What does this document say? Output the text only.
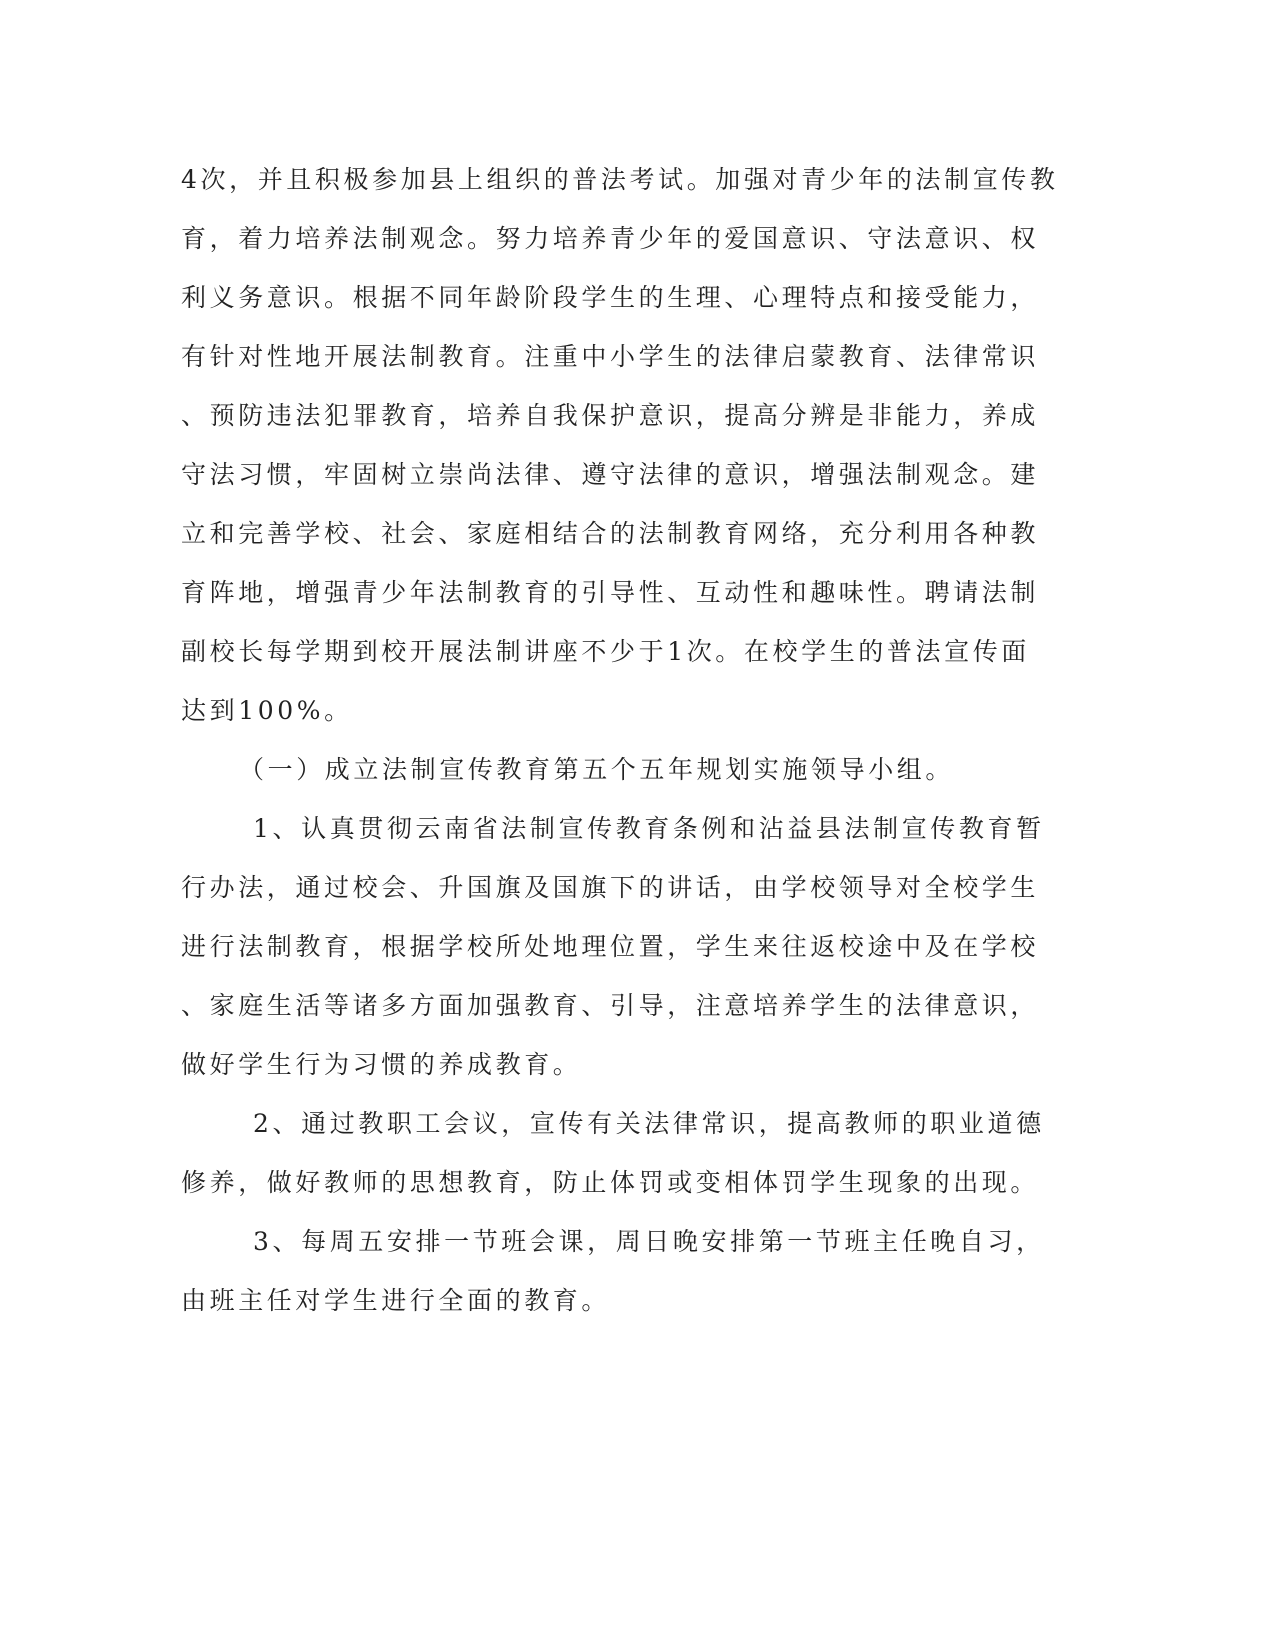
4次，并且积极参加县上组织的普法考试。加强对青少年的法制宣传教
育，着力培养法制观念。努力培养青少年的爱国意识、守法意识、权
利义务意识。根据不同年龄阶段学生的生理、心理特点和接受能力，
有针对性地开展法制教育。注重中小学生的法律启蒙教育、法律常识
、预防违法犯罪教育，培养自我保护意识，提高分辨是非能力，养成
守法习惯，牢固树立崇尚法律、遵守法律的意识，增强法制观念。建
立和完善学校、社会、家庭相结合的法制教育网络，充分利用各种教
育阵地，增强青少年法制教育的引导性、互动性和趣味性。聘请法制
副校长每学期到校开展法制讲座不少于1次。在校学生的普法宣传面
达到100%。
（一）成立法制宣传教育第五个五年规划实施领导小组。
1、认真贯彻云南省法制宣传教育条例和沾益县法制宣传教育暂
行办法，通过校会、升国旗及国旗下的讲话，由学校领导对全校学生
进行法制教育，根据学校所处地理位置，学生来往返校途中及在学校
、家庭生活等诸多方面加强教育、引导，注意培养学生的法律意识，
做好学生行为习惯的养成教育。
2、通过教职工会议，宣传有关法律常识，提高教师的职业道德
修养，做好教师的思想教育，防止体罚或变相体罚学生现象的出现。
3、每周五安排一节班会课，周日晚安排第一节班主任晚自习，
由班主任对学生进行全面的教育。
